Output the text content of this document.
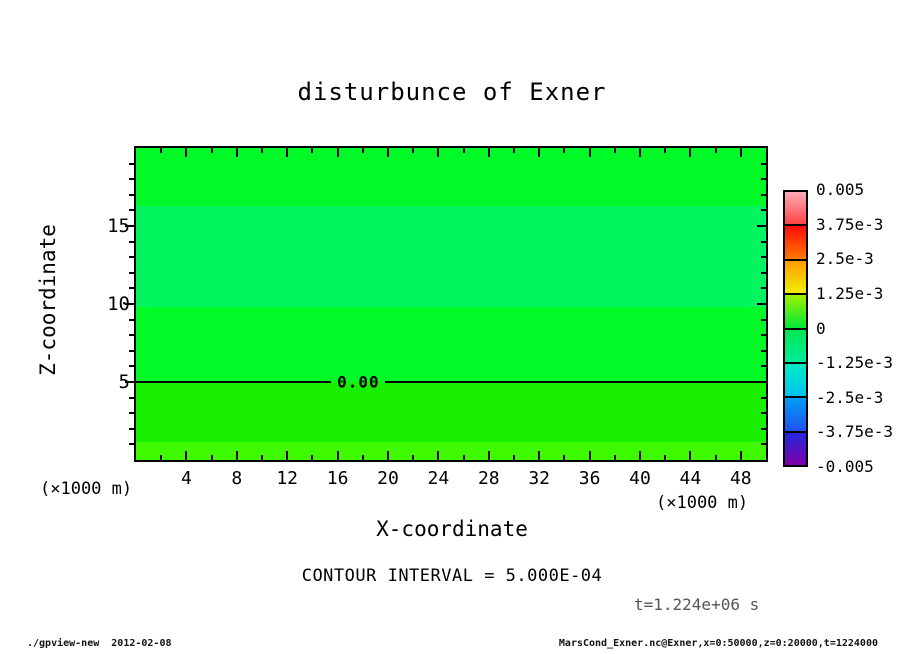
disturbunce of Exner
Z-coordinate
0.00
5
10
15
4	8	12	16	20	24	28	32	36	40	44	48
(×1000 m)
(×1000 m)
X-coordinate
CONTOUR INTERVAL = 5.000E-04
t=1.224e+06 s
0.005
3.75e-3
2.5e-3
1.25e-3
0
-1.25e-3
-2.5e-3
-3.75e-3
-0.005
./gpview-new  2012-02-08	MarsCond_Exner.nc@Exner,x=0:50000,z=0:20000,t=1224000
